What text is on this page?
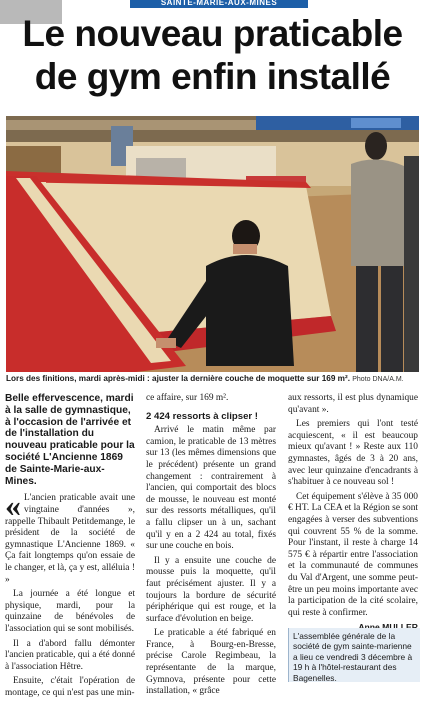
SAINTE-MARIE-AUX-MINES
Le nouveau praticable
de gym enfin installé
Lors des finitions, mardi après-midi : ajuster la dernière couche de moquette sur 169 m². Photo DNA/A.M.
Belle effervescence, mardi à la salle de gymnastique, à l'occasion de l'arrivée et de l'installation du nouveau praticable pour la société L'Ancienne 1869 de Sainte-Marie-aux-Mines.

« L'ancien praticable avait une vingtaine d'années », rappelle Thibault Petitdemange, le président de la société de gymnastique L'Ancienne 1869. « Ça fait longtemps qu'on essaie de le changer, et là, ça y est, alléluia ! »

La journée a été longue et physique, mardi, pour la quinzaine de bénévoles de l'association qui se sont mobilisés.

Il a d'abord fallu démonter l'ancien praticable, qui a été donné à l'association Hêtre.

Ensuite, c'était l'opération de montage, ce qui n'est pas une min-

ce affaire, sur 169 m².

2 424 ressorts à clipser !

Arrivé le matin même par camion, le praticable de 13 mètres sur 13 (les mêmes dimensions que le précédent) présente un grand changement : contrairement à l'ancien, qui comportait des blocs de mousse, le nouveau est monté sur des ressorts métalliques, qu'il a fallu clipser un à un, sachant qu'il y en a 2 424 au total, fixés sur une couche en bois.

Il y a ensuite une couche de mousse puis la moquette, qu'il faut précisément ajuster. Il y a toujours la bordure de sécurité périphérique qui est rouge, et la surface d'évolution en beige.

Le praticable a été fabriqué en France, à Bourg-en-Bresse, précise Carole Regimbeau, la représentante de la marque, Gymnova, présente pour cette installation, « grâce

aux ressorts, il est plus dynamique qu'avant ».

Les premiers qui l'ont testé acquiescent, « il est beaucoup mieux qu'avant ! » Reste aux 110 gymnastes, âgés de 3 à 20 ans, avec leur quinzaine d'encadrants à s'habituer à ce nouveau sol !

Cet équipement s'élève à 35 000 € HT. La CEA et la Région se sont engagées à verser des subventions qui couvrent 55 % de la somme. Pour l'instant, il reste à charge 14 575 € à répartir entre l'association et la communauté de communes du Val d'Argent, une somme peut-être un peu moins importante avec la participation de la cité scolaire, qui reste à confirmer.

L'assemblée générale de la société de gym sainte-marienne a lieu ce vendredi 3 décembre à 19 h à l'hôtel-restaurant des Bagenelles.
